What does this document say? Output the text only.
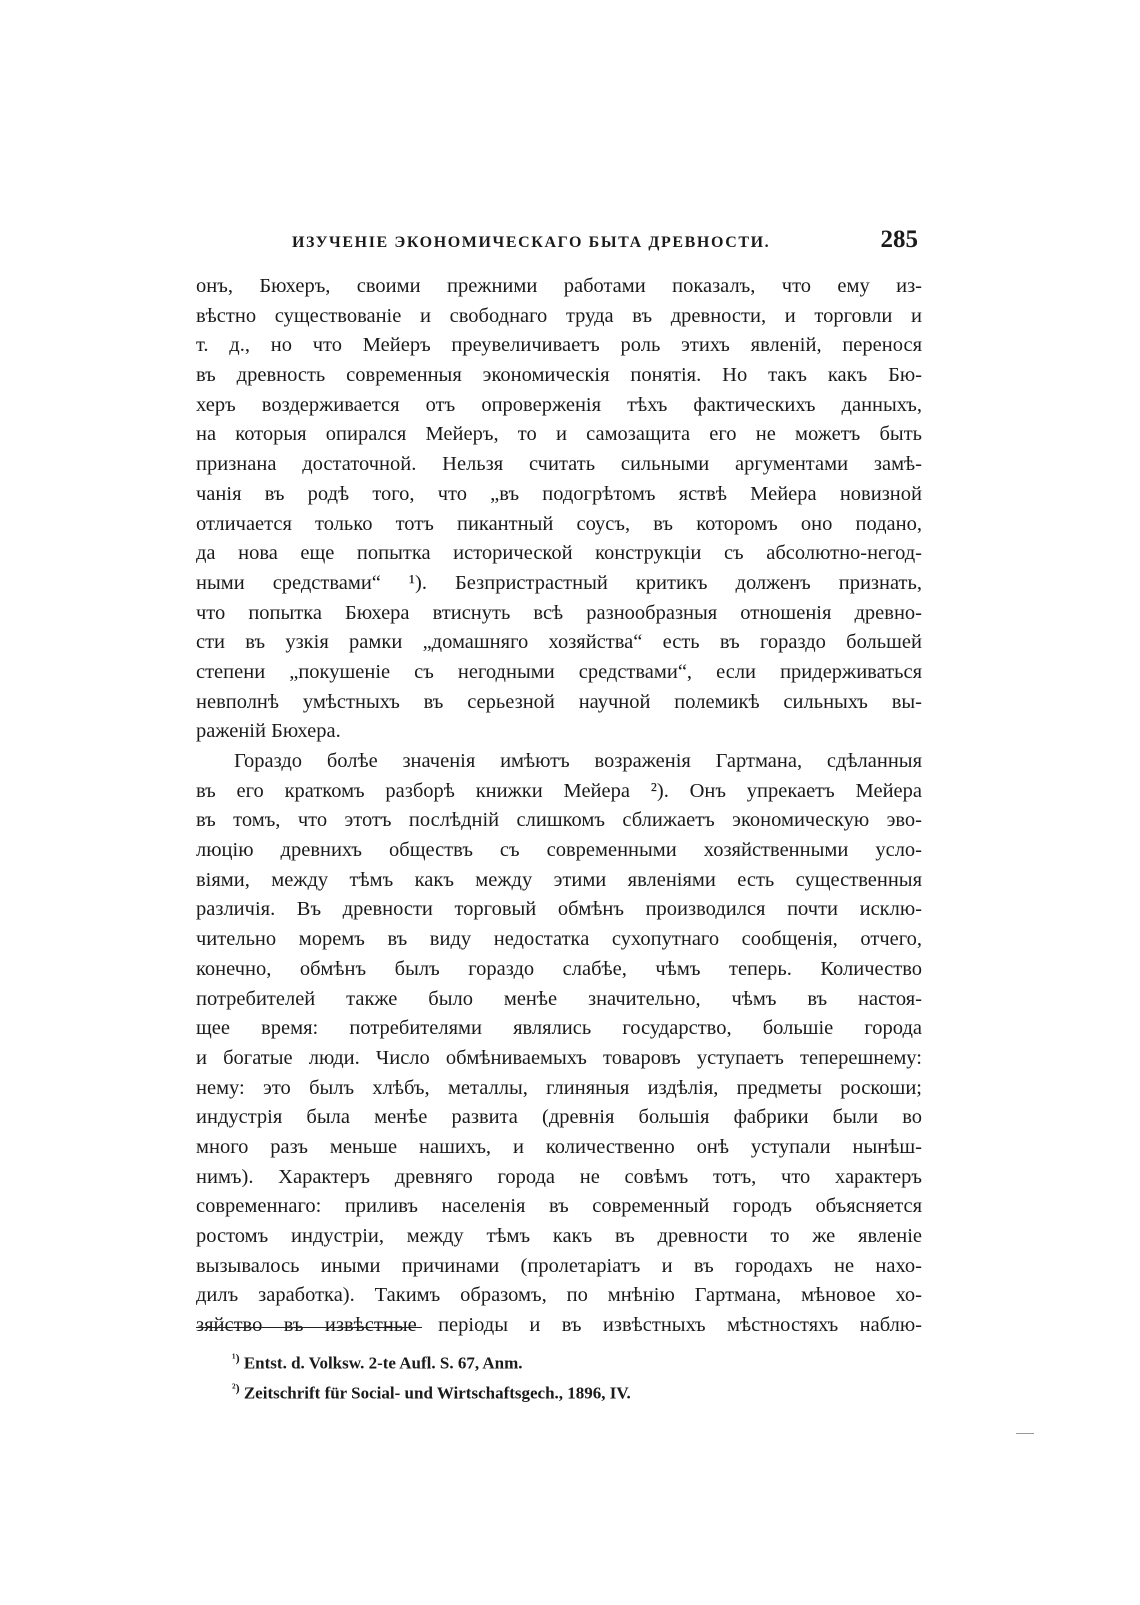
ИЗУЧЕНІЕ ЭКОНОМИЧЕСКАГО БЫТА ДРЕВНОСТИ.	285
онъ, Бюхеръ, своими прежними работами показалъ, что ему из-
вѣстно существованіе и свободнаго труда въ древности, и торговли и
т. д., но что Мейеръ преувеличиваетъ роль этихъ явленій, перенося
въ древность современныя экономическія понятія. Но такъ какъ Бю-
херъ воздерживается отъ опроверженія тѣхъ фактическихъ данныхъ,
на которыя опирался Мейеръ, то и самозащита его не можетъ быть
признана достаточной. Нельзя считать сильными аргументами замѣ-
чанія въ родѣ того, что „въ подогрѣтомъ яствѣ Мейера новизной
отличается только тотъ пикантный соусъ, въ которомъ оно подано,
да нова еще попытка исторической конструкціи съ абсолютно-негод-
ными средствами“ ¹). Безпристрастный критикъ долженъ признать,
что попытка Бюхера втиснуть всѣ разнообразныя отношенія древно-
сти въ узкія рамки „домашняго хозяйства“ есть въ гораздо большей
степени „покушеніе съ негодными средствами“, если придерживаться
невполнѣ умѣстныхъ въ серьезной научной полемикѣ сильныхъ вы-
раженій Бюхера.
Гораздо болѣе значенія имѣютъ возраженія Гартмана, сдѣланныя
въ его краткомъ разборѣ книжки Мейера ²). Онъ упрекаетъ Мейера
въ томъ, что этотъ послѣдній слишкомъ сближаетъ экономическую эво-
люцію древнихъ обществъ съ современными хозяйственными усло-
віями, между тѣмъ какъ между этими явленіями есть существенныя
различія. Въ древности торговый обмѣнъ производился почти исклю-
чительно моремъ въ виду недостатка сухопутнаго сообщенія, отчего,
конечно, обмѣнъ былъ гораздо слабѣе, чѣмъ теперь. Количество
потребителей также было менѣе значительно, чѣмъ въ настоя-
щее время: потребителями являлись государство, большіе города
и богатые люди. Число обмѣниваемыхъ товаровъ уступаетъ теперешнему:
нему: это былъ хлѣбъ, металлы, глиняныя издѣлія, предметы роскоши;
индустрія была менѣе развита (древнія большія фабрики были во
много разъ меньше нашихъ, и количественно онѣ уступали нынѣш-
нимъ). Характеръ древняго города не совѣмъ тотъ, что характеръ
современнаго: приливъ населенія въ современный городъ объясняется
ростомъ индустріи, между тѣмъ какъ въ древности то же явленіе
вызывалось иными причинами (пролетаріатъ и въ городахъ не нахо-
дилъ заработка). Такимъ образомъ, по мнѣнію Гартмана, мѣновое хо-
зяйство въ извѣстные періоды и въ извѣстныхъ мѣстностяхъ наблю-
$^{^1)}$ Entst. d. Volksw. 2-te Aufl. S. 67, Anm.
$^{^2)}$ Zeitschrift für Social- und Wirtschaftsgech., 1896, IV.
